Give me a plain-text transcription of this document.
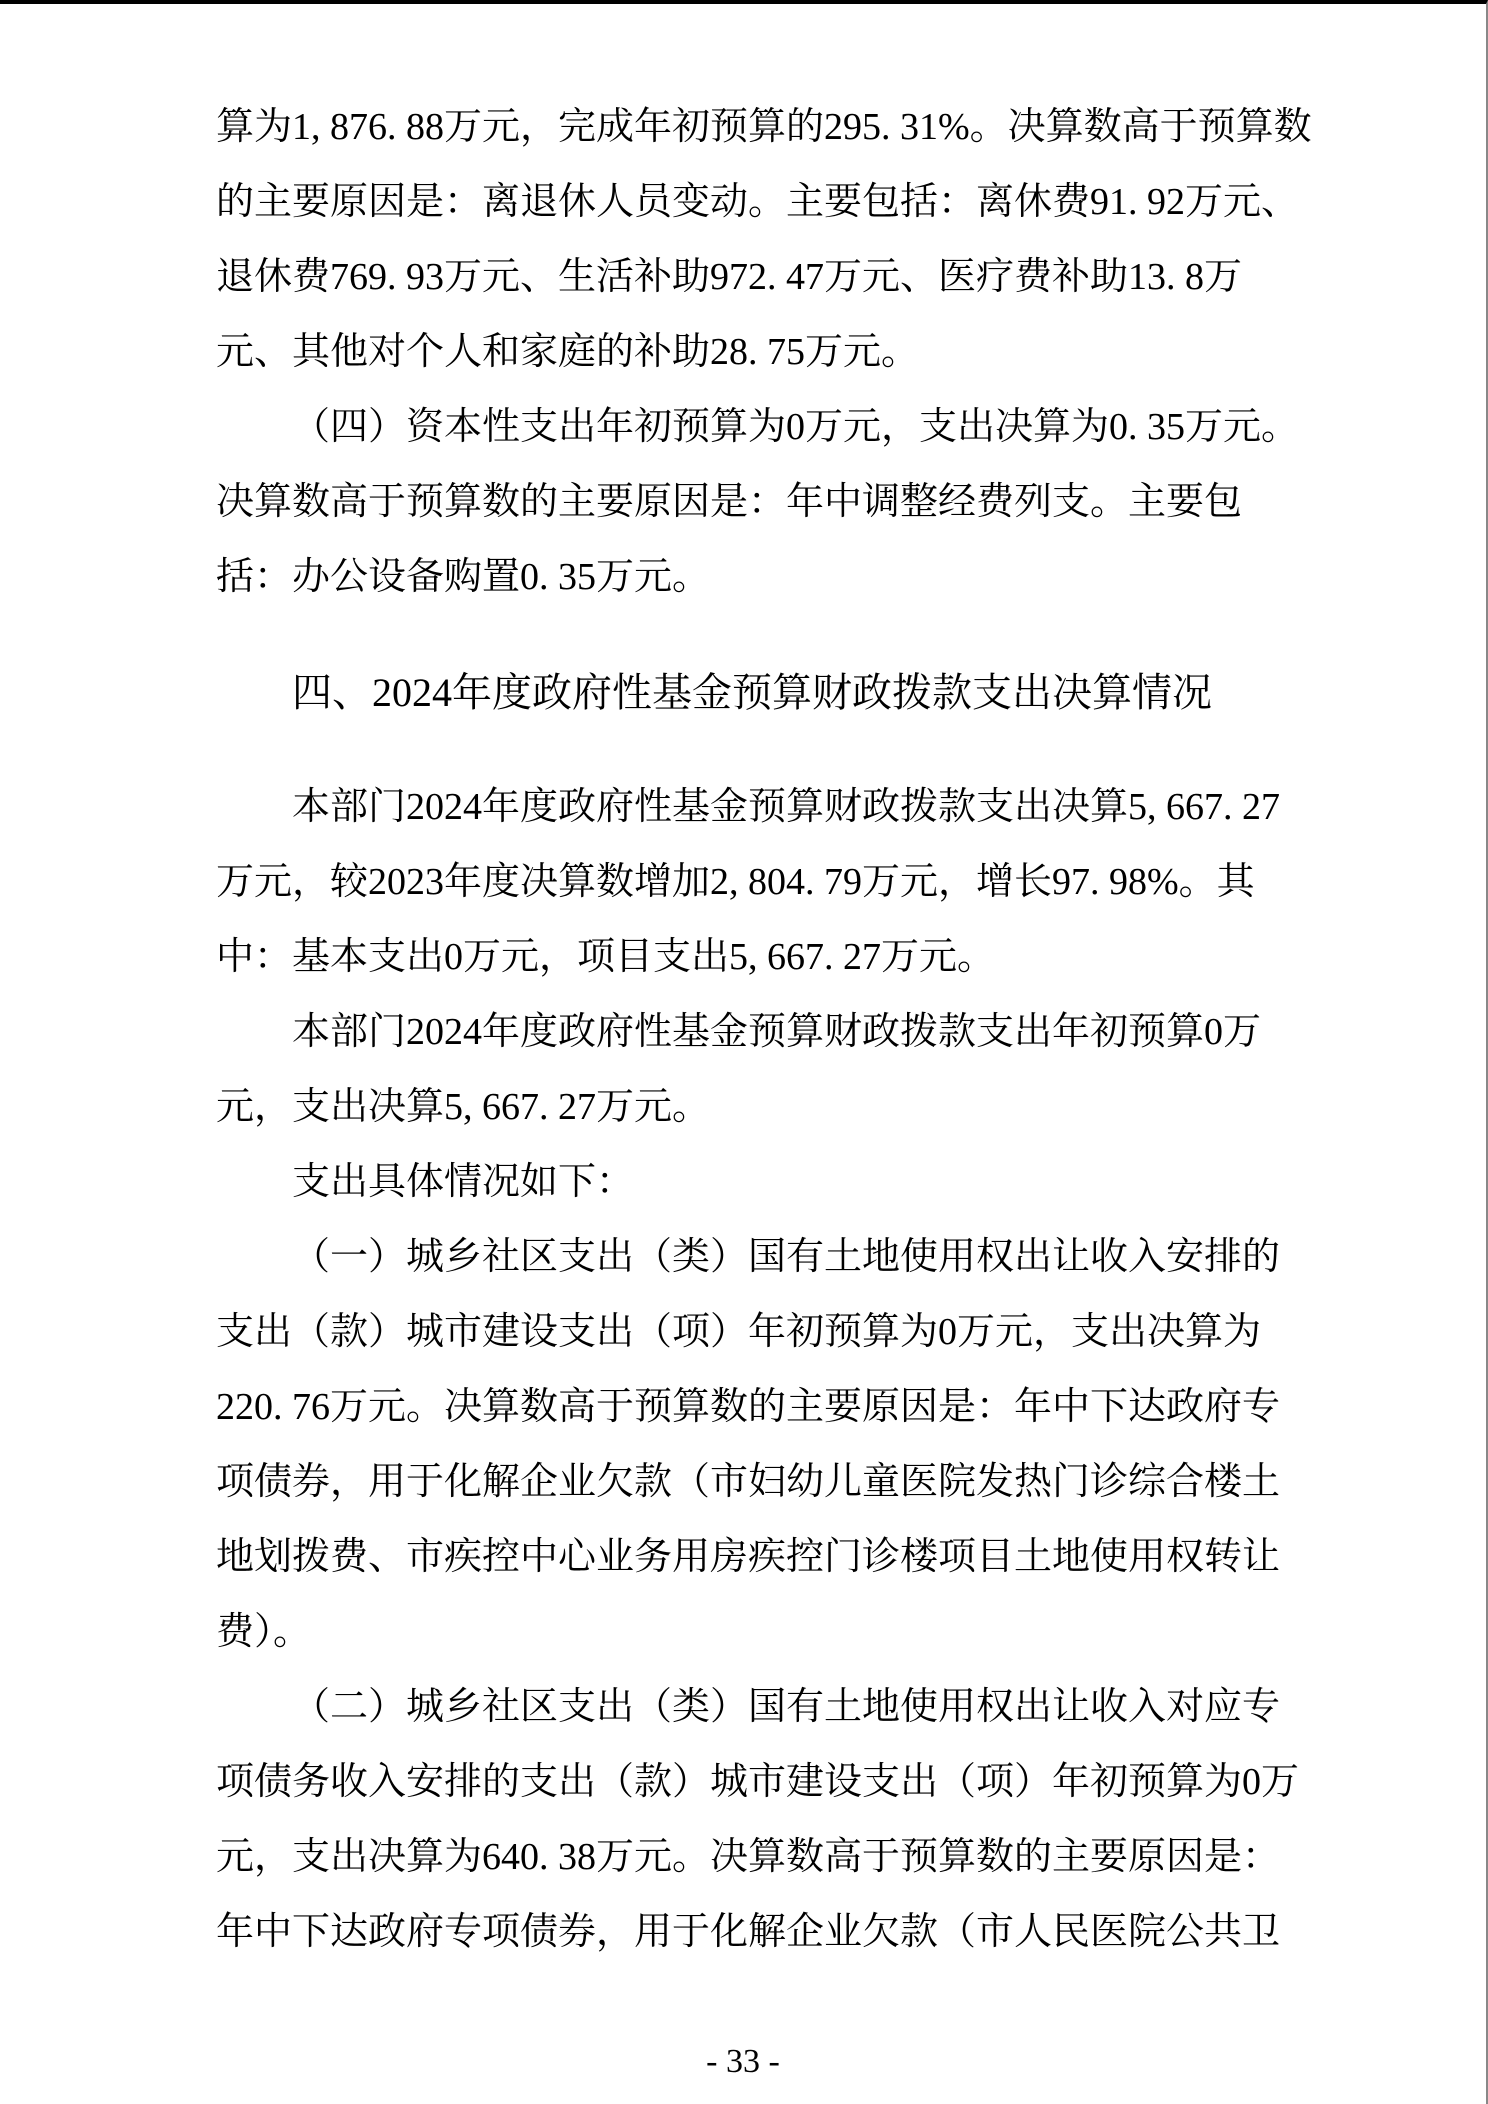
算为1, 876. 88万元，完成年初预算的295. 31%。决算数高于预算数
的主要原因是：离退休人员变动。主要包括：离休费91. 92万元、
退休费769. 93万元、生活补助972. 47万元、医疗费补助13. 8万
元、其他对个人和家庭的补助28. 75万元。
（四）资本性支出年初预算为0万元，支出决算为0. 35万元。
决算数高于预算数的主要原因是：年中调整经费列支。主要包
括：办公设备购置0. 35万元。
四、2024年度政府性基金预算财政拨款支出决算情况
本部门2024年度政府性基金预算财政拨款支出决算5, 667. 27
万元，较2023年度决算数增加2, 804. 79万元，增长97. 98%。其
中：基本支出0万元，项目支出5, 667. 27万元。
本部门2024年度政府性基金预算财政拨款支出年初预算0万
元，支出决算5, 667. 27万元。
支出具体情况如下：
（一）城乡社区支出（类）国有土地使用权出让收入安排的
支出（款）城市建设支出（项）年初预算为0万元，支出决算为
220. 76万元。决算数高于预算数的主要原因是：年中下达政府专
项债券，用于化解企业欠款（市妇幼儿童医院发热门诊综合楼土
地划拨费、市疾控中心业务用房疾控门诊楼项目土地使用权转让
费）。
（二）城乡社区支出（类）国有土地使用权出让收入对应专
项债务收入安排的支出（款）城市建设支出（项）年初预算为0万
元，支出决算为640. 38万元。决算数高于预算数的主要原因是：
年中下达政府专项债券，用于化解企业欠款（市人民医院公共卫
- 33 -
